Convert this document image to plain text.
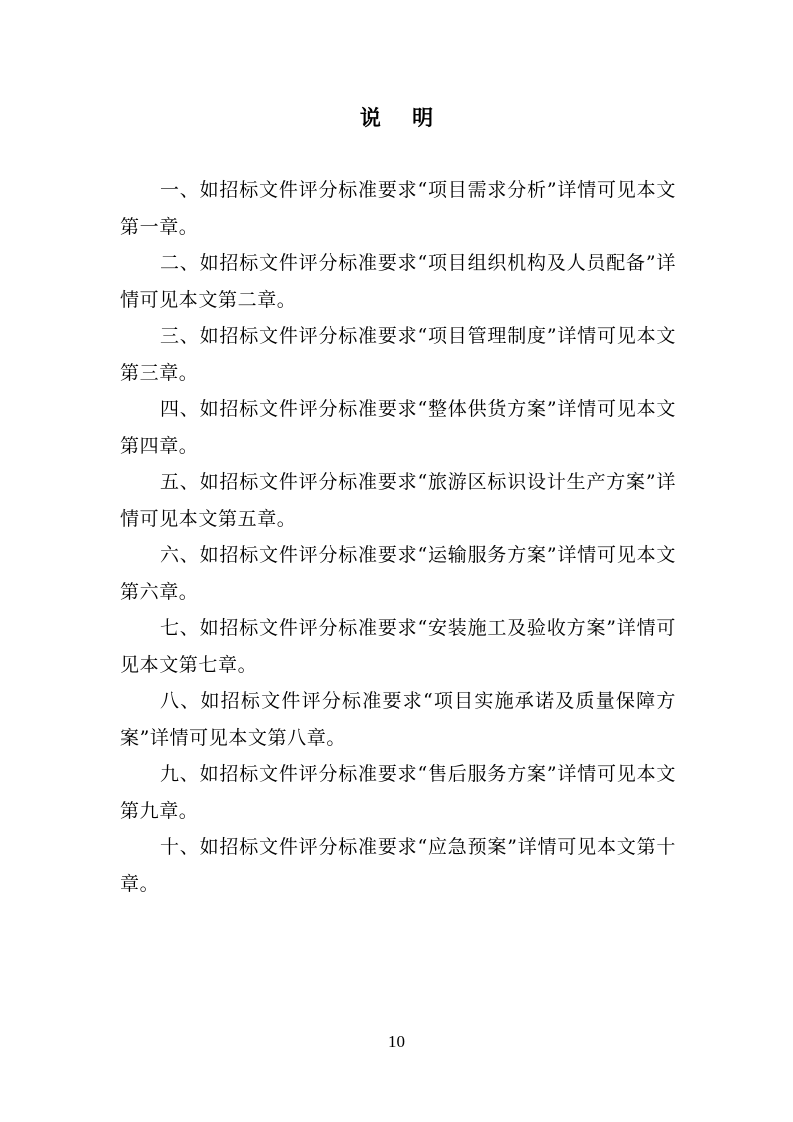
说 明

一、如招标文件评分标准要求“项目需求分析”详情可见本文第一章。

二、如招标文件评分标准要求“项目组织机构及人员配备”详情可见本文第二章。

三、如招标文件评分标准要求“项目管理制度”详情可见本文第三章。

四、如招标文件评分标准要求“整体供货方案”详情可见本文第四章。

五、如招标文件评分标准要求“旅游区标识设计生产方案”详情可见本文第五章。

六、如招标文件评分标准要求“运输服务方案”详情可见本文第六章。

七、如招标文件评分标准要求“安装施工及验收方案”详情可见本文第七章。

八、如招标文件评分标准要求“项目实施承诺及质量保障方案”详情可见本文第八章。

九、如招标文件评分标准要求“售后服务方案”详情可见本文第九章。

十、如招标文件评分标准要求“应急预案”详情可见本文第十章。

10
